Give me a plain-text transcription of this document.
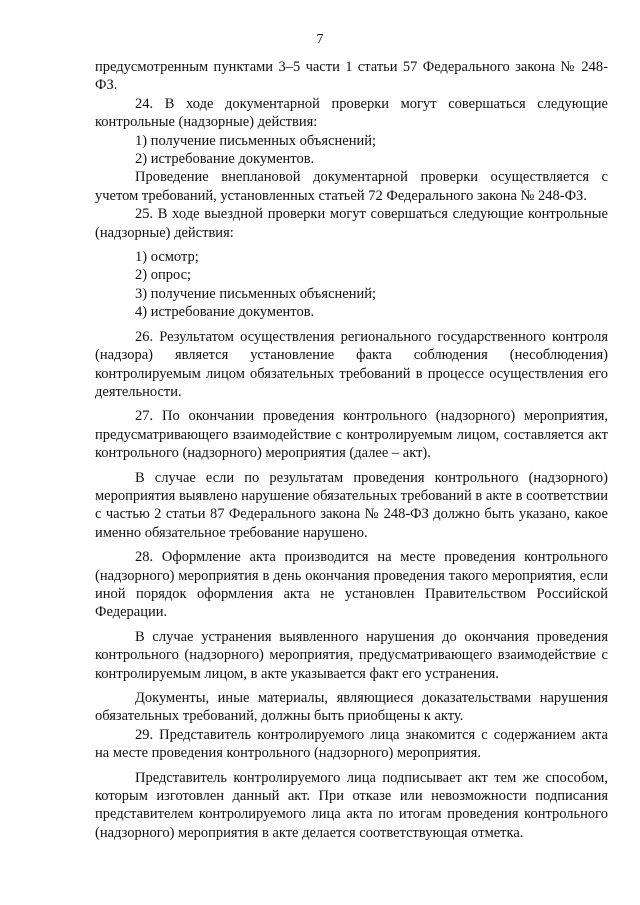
7

предусмотренным пунктами 3–5 части 1 статьи 57 Федерального закона № 248-ФЗ.

24. В ходе документарной проверки могут совершаться следующие контрольные (надзорные) действия:

1) получение письменных объяснений;

2) истребование документов.

Проведение внеплановой документарной проверки осуществляется с учетом требований, установленных статьей 72 Федерального закона № 248-ФЗ.

25. В ходе выездной проверки могут совершаться следующие контрольные (надзорные) действия:

1) осмотр;

2) опрос;

3) получение письменных объяснений;

4) истребование документов.

26. Результатом осуществления регионального государственного контроля (надзора) является установление факта соблюдения (несоблюдения) контролируемым лицом обязательных требований в процессе осуществления его деятельности.

27. По окончании проведения контрольного (надзорного) мероприятия, предусматривающего взаимодействие с контролируемым лицом, составляется акт контрольного (надзорного) мероприятия (далее – акт).

В случае если по результатам проведения контрольного (надзорного) мероприятия выявлено нарушение обязательных требований в акте в соответствии с частью 2 статьи 87 Федерального закона № 248-ФЗ должно быть указано, какое именно обязательное требование нарушено.

28. Оформление акта производится на месте проведения контрольного (надзорного) мероприятия в день окончания проведения такого мероприятия, если иной порядок оформления акта не установлен Правительством Российской Федерации.

В случае устранения выявленного нарушения до окончания проведения контрольного (надзорного) мероприятия, предусматривающего взаимодействие с контролируемым лицом, в акте указывается факт его устранения.

Документы, иные материалы, являющиеся доказательствами нарушения обязательных требований, должны быть приобщены к акту.

29. Представитель контролируемого лица знакомится с содержанием акта на месте проведения контрольного (надзорного) мероприятия.

Представитель контролируемого лица подписывает акт тем же способом, которым изготовлен данный акт. При отказе или невозможности подписания представителем контролируемого лица акта по итогам проведения контрольного (надзорного) мероприятия в акте делается соответствующая отметка.
